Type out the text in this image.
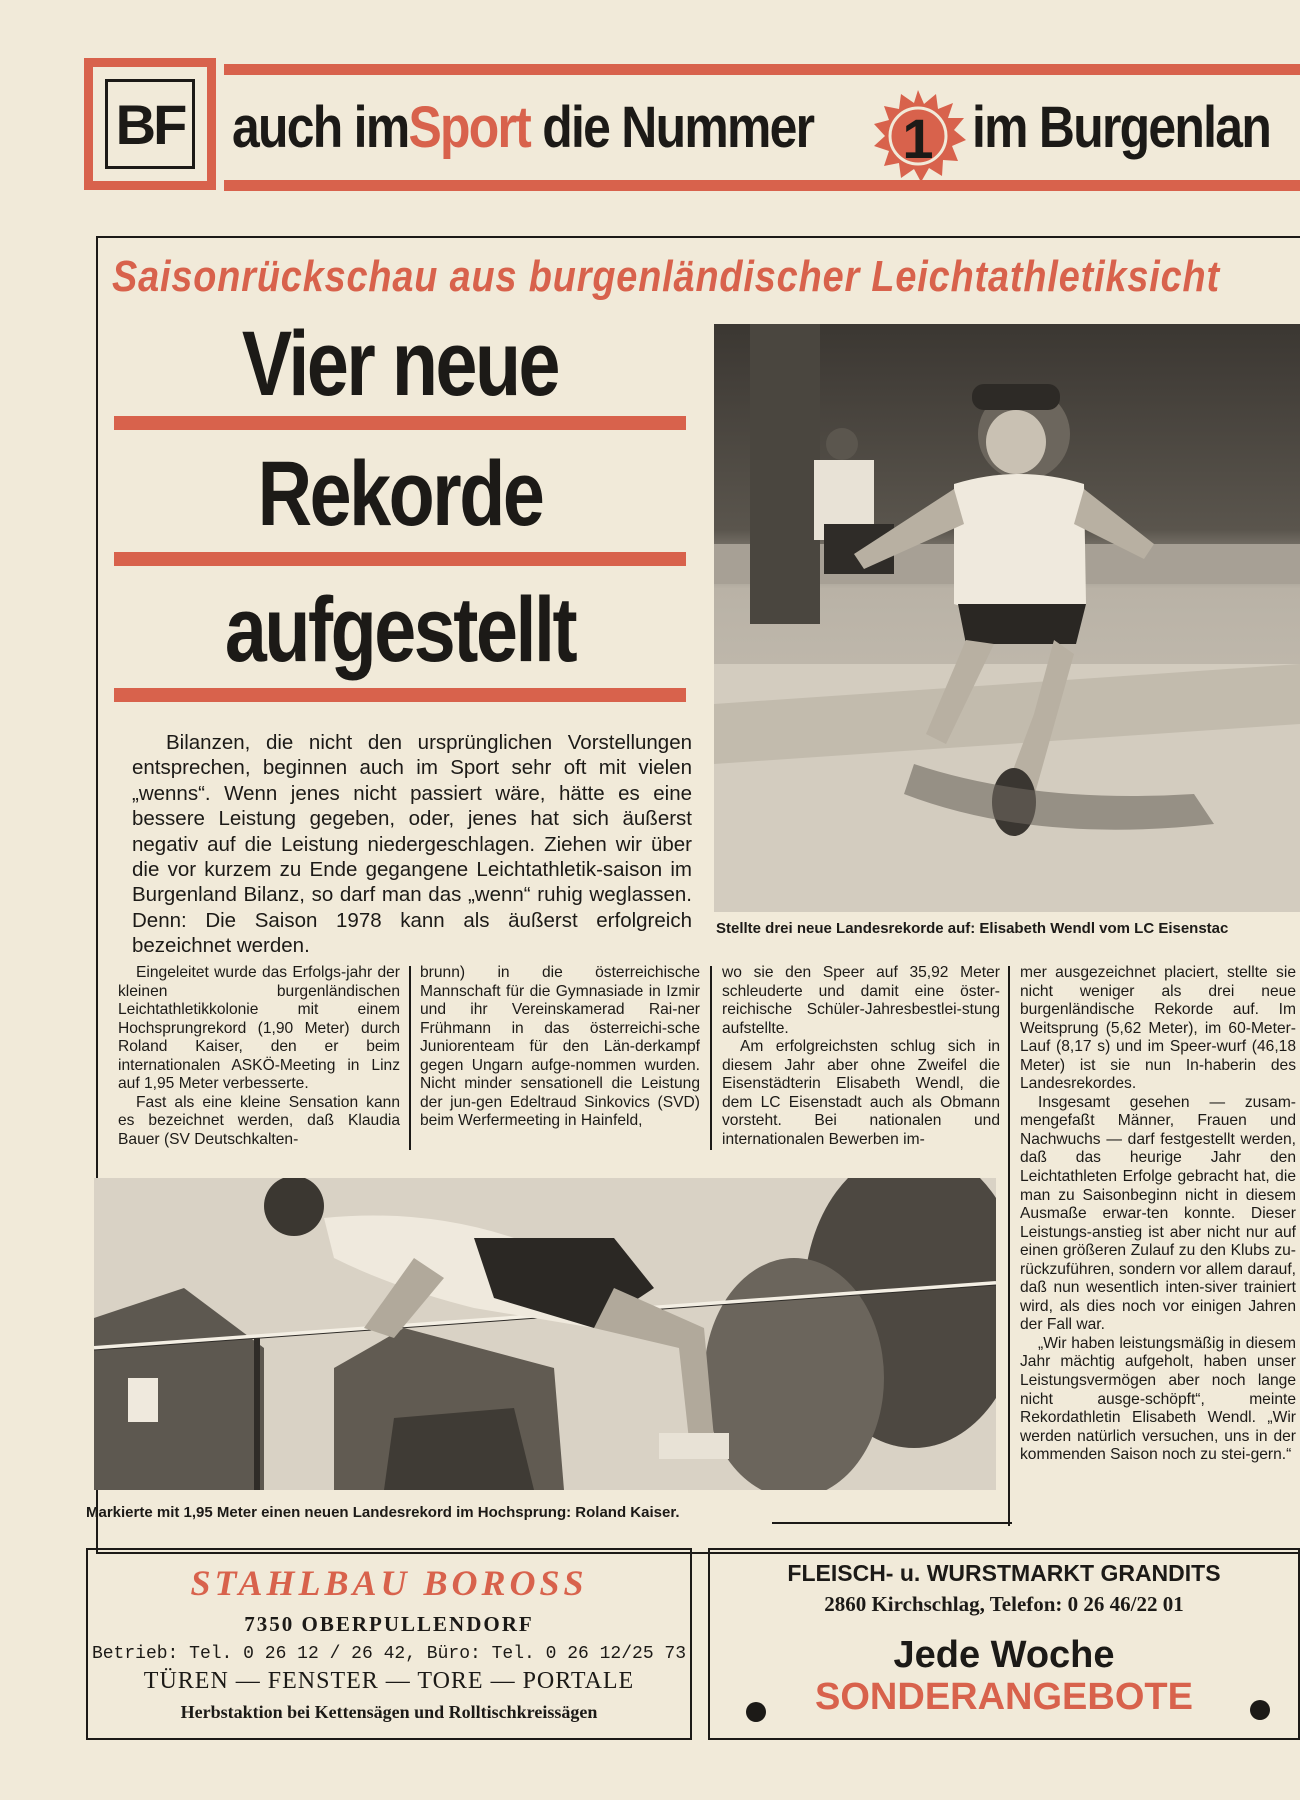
BF auch imSport die Nummer	1 im Burgenlan
Saisonrückschau aus burgenländischer Leichtathletiksicht
Vier neue
Rekorde
aufgestellt

Bilanzen, die nicht den ursprünglichen Vorstellungen entsprechen, beginnen auch im Sport sehr oft mit vielen „wenns“. Wenn jenes nicht passiert wäre, hätte es eine bessere Leistung gegeben, oder, jenes hat sich äußerst negativ auf die Leistung niedergeschlagen. Ziehen wir über die vor kurzem zu Ende gegangene Leichtathletik-saison im Burgenland Bilanz, so darf man das „wenn“ ruhig weglassen. Denn: Die Saison 1978 kann als äußerst erfolgreich bezeichnet werden.

Stellte drei neue Landesrekorde auf: Elisabeth Wendl vom LC Eisenstac

Eingeleitet wurde das Erfolgs-jahr der kleinen burgenländischen Leichtathletikkolonie mit einem Hochsprungrekord (1,90 Meter) durch Roland Kaiser, den er beim internationalen ASKÖ-Meeting in Linz auf 1,95 Meter verbesserte.

Fast als eine kleine Sensation kann es bezeichnet werden, daß Klaudia Bauer (SV Deutschkalten-

brunn) in die österreichische Mannschaft für die Gymnasiade in Izmir und ihr Vereinskamerad Rai-ner Frühmann in das österreichi-sche Juniorenteam für den Län-derkampf gegen Ungarn aufge-nommen wurden. Nicht minder sensationell die Leistung der jun-gen Edeltraud Sinkovics (SVD) beim Werfermeeting in Hainfeld,

wo sie den Speer auf 35,92 Meter schleuderte und damit eine öster-reichische Schüler-Jahresbestlei-stung aufstellte.

Am erfolgreichsten schlug sich in diesem Jahr aber ohne Zweifel die Eisenstädterin Elisabeth Wendl, die dem LC Eisenstadt auch als Obmann vorsteht. Bei nationalen und internationalen Bewerben im-

mer ausgezeichnet placiert, stellte sie nicht weniger als drei neue burgenländische Rekorde auf. Im Weitsprung (5,62 Meter), im 60-Meter-Lauf (8,17 s) und im Speer-wurf (46,18 Meter) ist sie nun In-haberin des Landesrekordes.

Insgesamt gesehen — zusam-mengefaßt Männer, Frauen und Nachwuchs — darf festgestellt werden, daß das heurige Jahr den Leichtathleten Erfolge gebracht hat, die man zu Saisonbeginn nicht in diesem Ausmaße erwar-ten konnte. Dieser Leistungs-anstieg ist aber nicht nur auf einen größeren Zulauf zu den Klubs zu-rückzuführen, sondern vor allem darauf, daß nun wesentlich inten-siver trainiert wird, als dies noch vor einigen Jahren der Fall war.

„Wir haben leistungsmäßig in diesem Jahr mächtig aufgeholt, haben unser Leistungsvermögen aber noch lange nicht ausge-schöpft“, meinte Rekordathletin Elisabeth Wendl. „Wir werden natürlich versuchen, uns in der kommenden Saison noch zu stei-gern.“

Markierte mit 1,95 Meter einen neuen Landesrekord im Hochsprung: Roland Kaiser.
STAHLBAU BOROSS
7350 OBERPULLENDORF
Betrieb: Tel. 0 26 12 / 26 42, Büro: Tel. 0 26 12/25 73
TÜREN — FENSTER — TORE — PORTALE
Herbstaktion bei Kettensägen und Rolltischkreissägen
FLEISCH- u. WURSTMARKT GRANDITS
2860 Kirchschlag, Telefon: 0 26 46/22 01
Jede Woche
SONDERANGEBOTE
